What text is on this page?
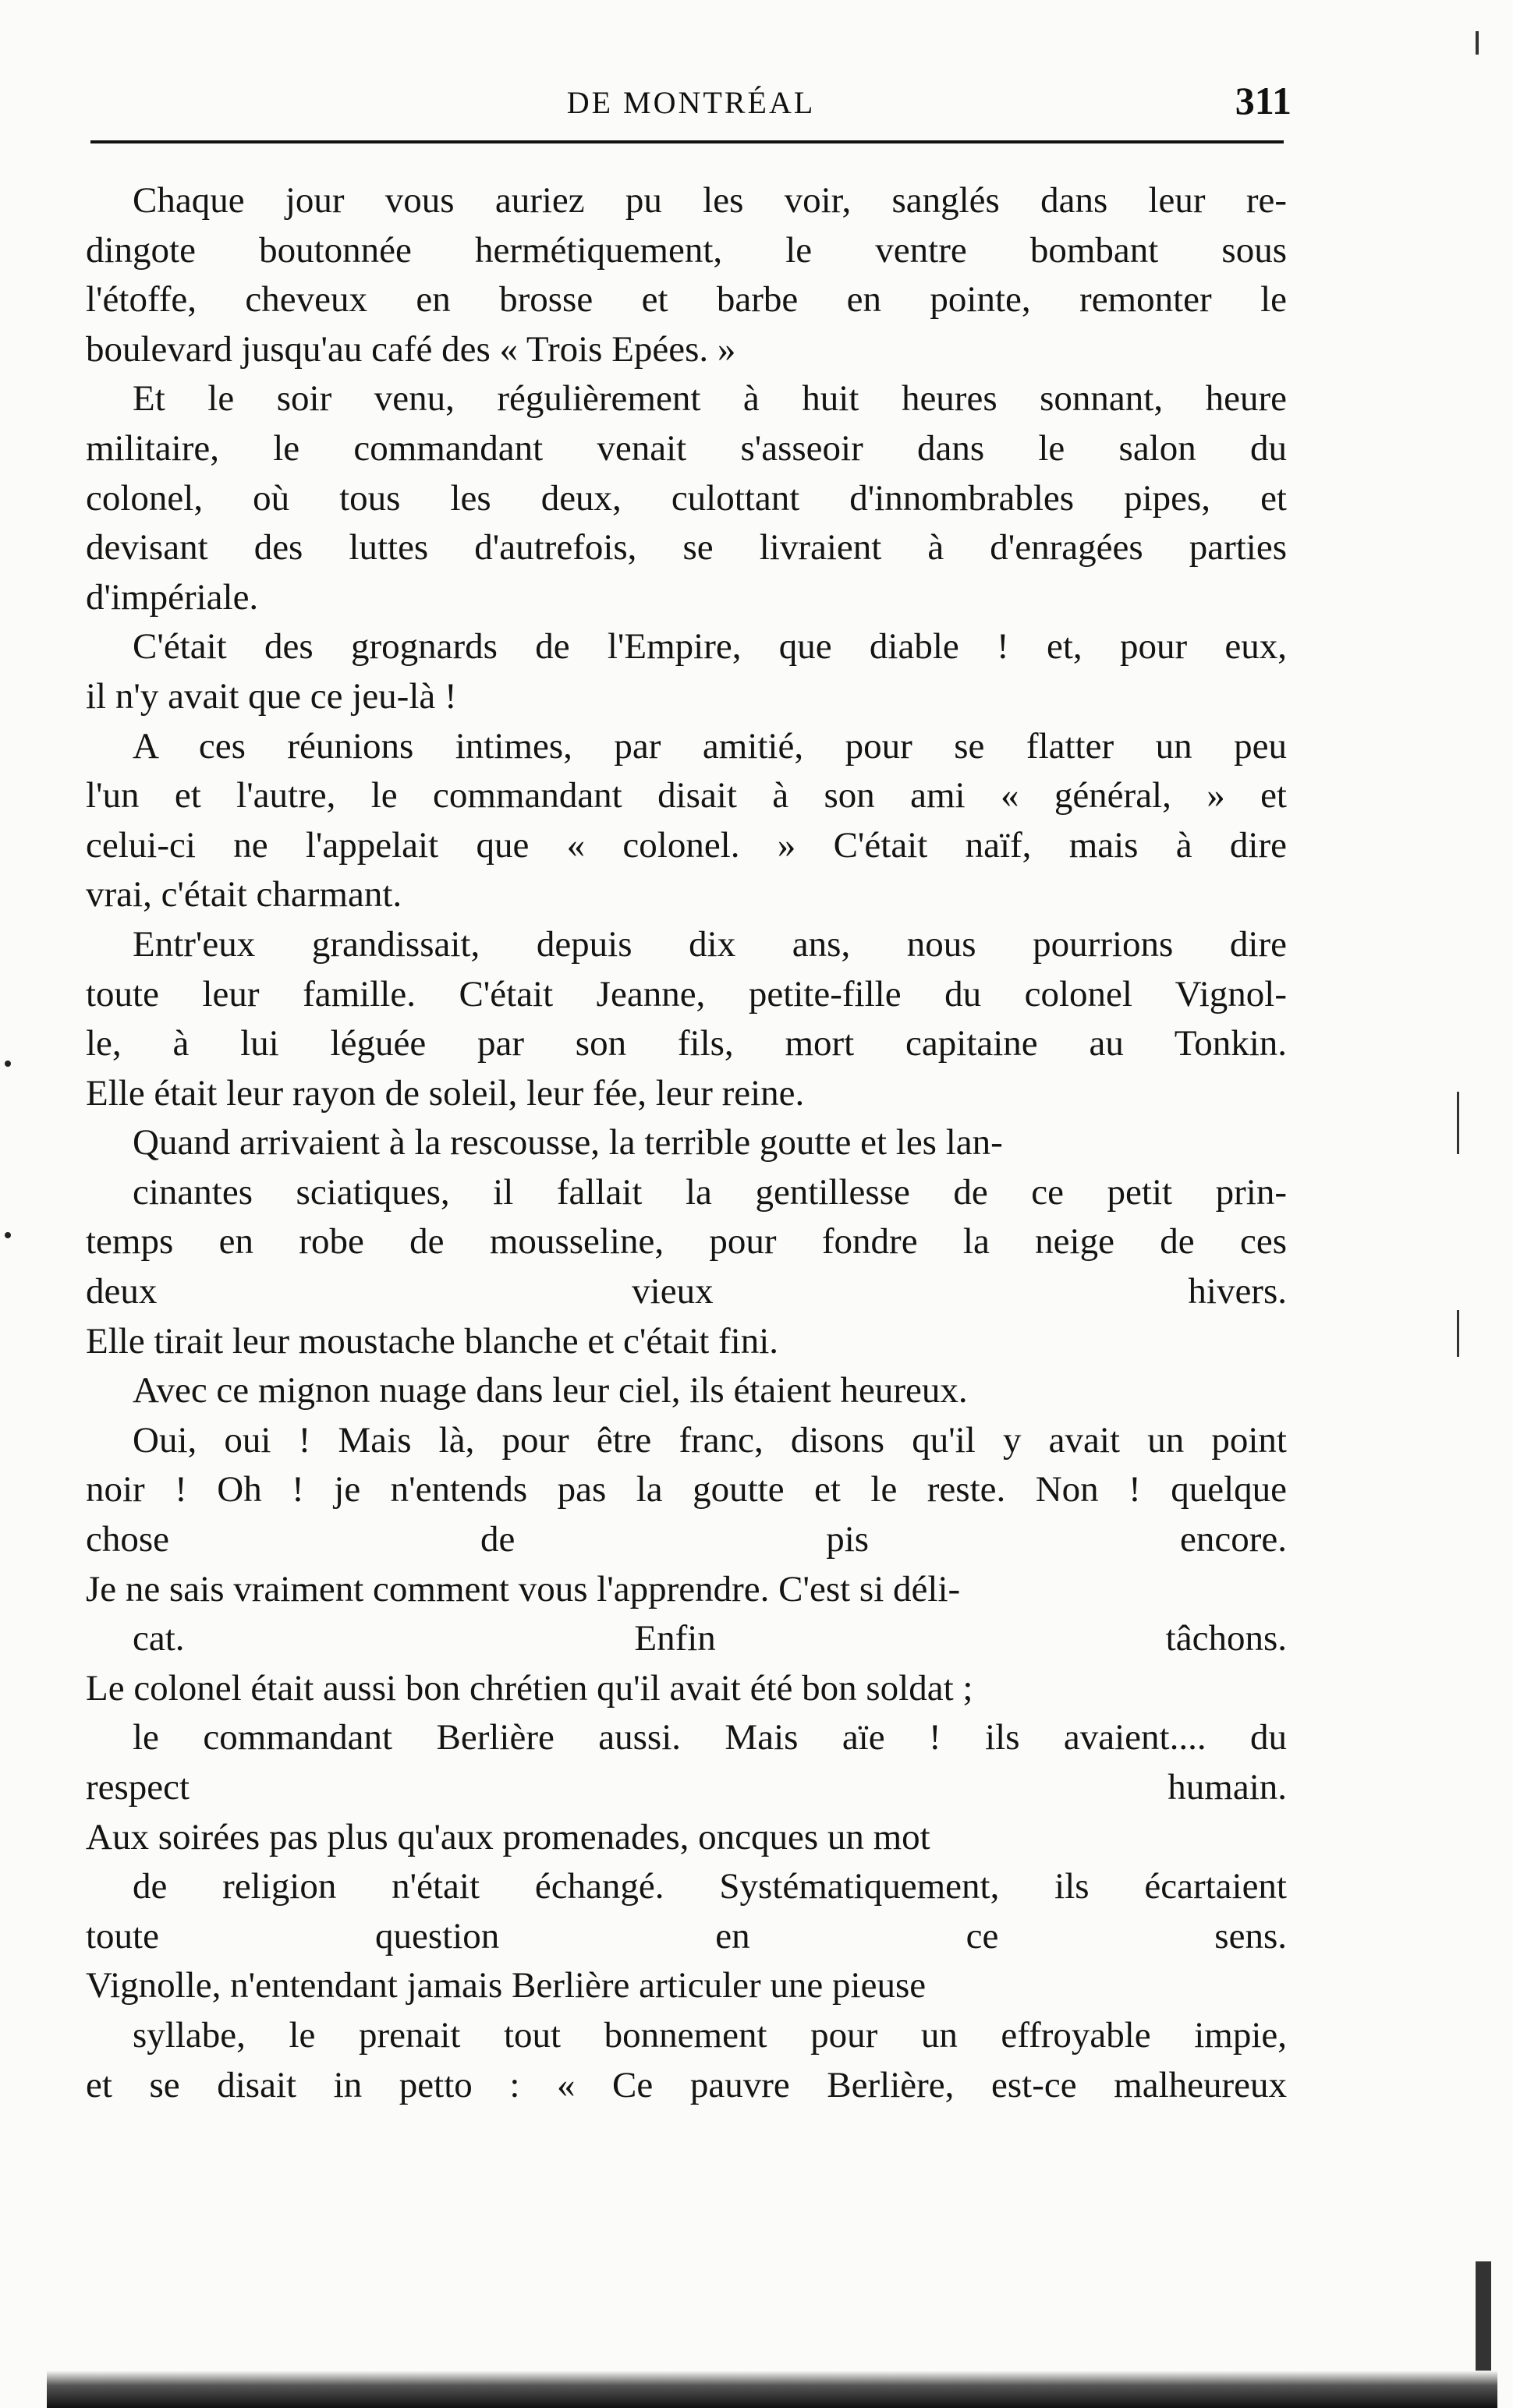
DE MONTRÉAL	311
Chaque jour vous auriez pu les voir, sanglés dans leur re-
dingote boutonnée hermétiquement, le ventre bombant sous
l'étoffe, cheveux en brosse et barbe en pointe, remonter le
boulevard jusqu'au café des « Trois Epées. »
Et le soir venu, régulièrement à huit heures sonnant, heure
militaire, le commandant venait s'asseoir dans le salon du
colonel, où tous les deux, culottant d'innombrables pipes, et
devisant des luttes d'autrefois, se livraient à d'enragées parties
d'impériale.
C'était des grognards de l'Empire, que diable ! et, pour eux,
il n'y avait que ce jeu-là !
A ces réunions intimes, par amitié, pour se flatter un peu
l'un et l'autre, le commandant disait à son ami « général, » et
celui-ci ne l'appelait que « colonel. » C'était naïf, mais à dire
vrai, c'était charmant.
Entr'eux grandissait, depuis dix ans, nous pourrions dire
toute leur famille. C'était Jeanne, petite-fille du colonel Vignol-
le, à lui léguée par son fils, mort capitaine au Tonkin.
Elle était leur rayon de soleil, leur fée, leur reine.
Quand arrivaient à la rescousse, la terrible goutte et les lan-
cinantes sciatiques, il fallait la gentillesse de ce petit prin-
temps en robe de mousseline, pour fondre la neige de ces
deux vieux hivers.
Elle tirait leur moustache blanche et c'était fini.
Avec ce mignon nuage dans leur ciel, ils étaient heureux.
Oui, oui ! Mais là, pour être franc, disons qu'il y avait un point
noir ! Oh ! je n'entends pas la goutte et le reste. Non ! quelque
chose de pis encore.
Je ne sais vraiment comment vous l'apprendre. C'est si déli-
cat. Enfin tâchons.
Le colonel était aussi bon chrétien qu'il avait été bon soldat ;
le commandant Berlière aussi. Mais aïe ! ils avaient.... du
respect humain.
Aux soirées pas plus qu'aux promenades, oncques un mot
de religion n'était échangé. Systématiquement, ils écartaient
toute question en ce sens.
Vignolle, n'entendant jamais Berlière articuler une pieuse
syllabe, le prenait tout bonnement pour un effroyable impie,
et se disait in petto : « Ce pauvre Berlière, est-ce malheureux
